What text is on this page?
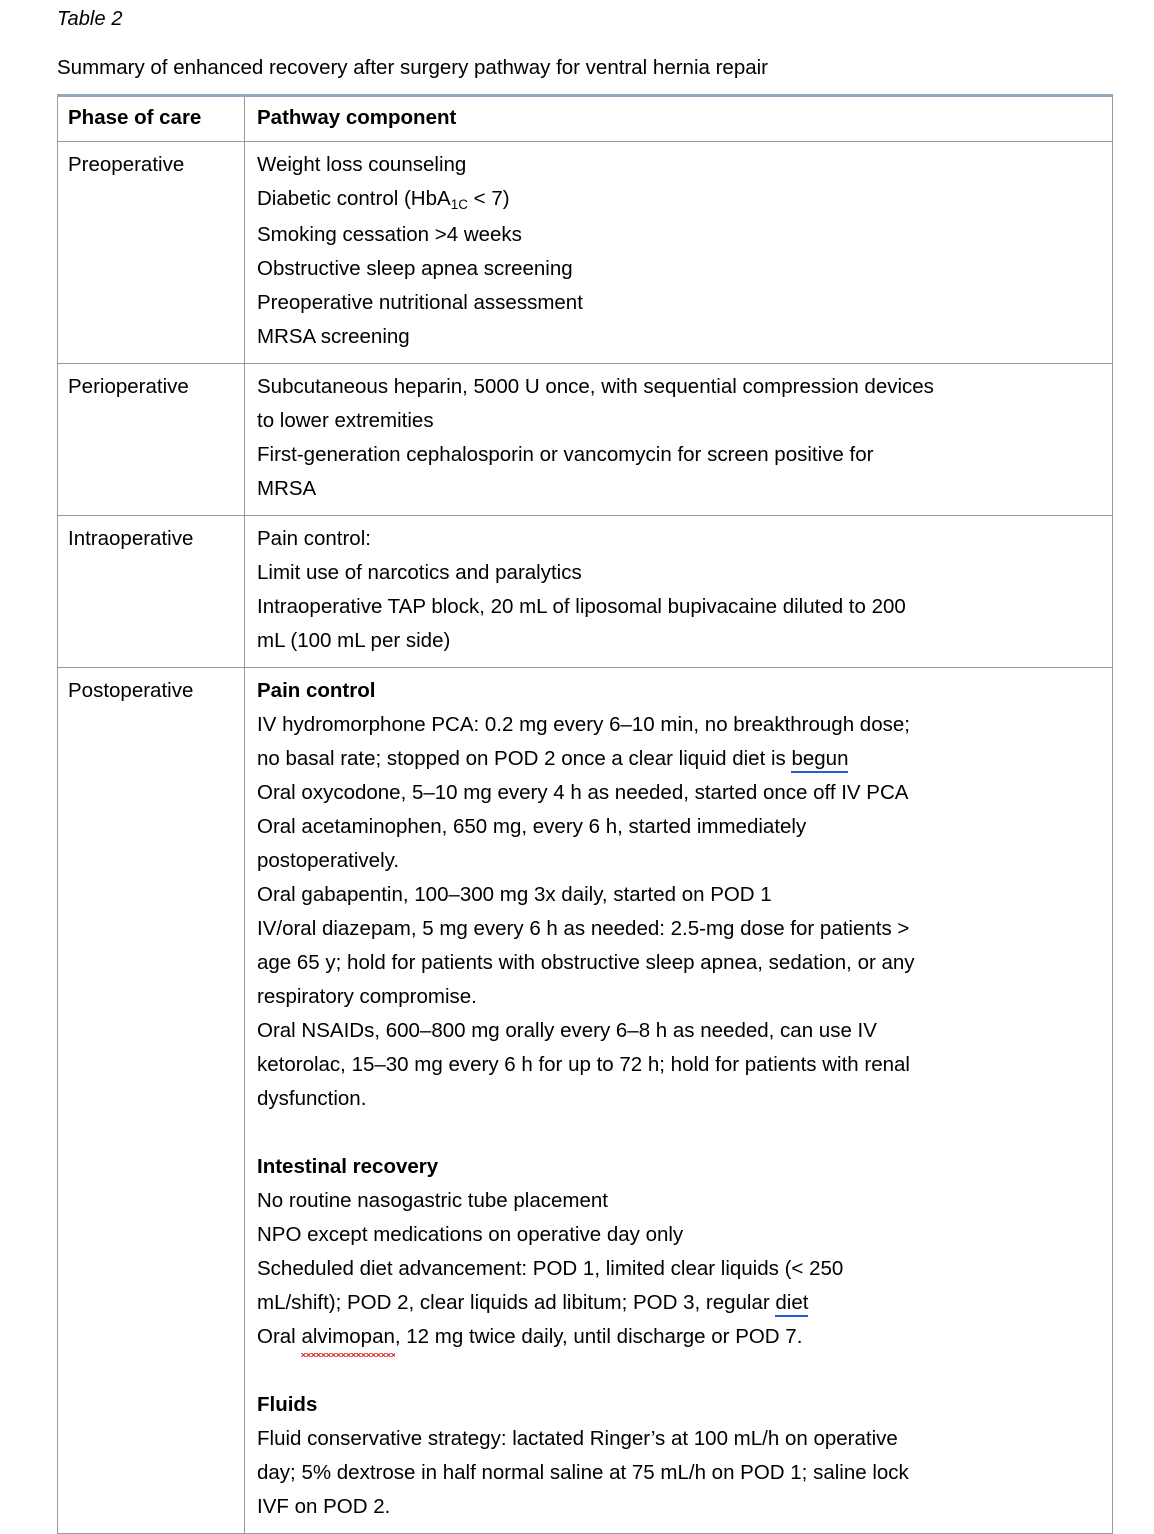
Table 2
Summary of enhanced recovery after surgery pathway for ventral hernia repair
Phase of care	Pathway component
Preoperative	Weight loss counseling
Diabetic control (HbA1C < 7)
Smoking cessation >4 weeks
Obstructive sleep apnea screening
Preoperative nutritional assessment
MRSA screening

Perioperative	Subcutaneous heparin, 5000 U once, with sequential compression devices
to lower extremities
First-generation cephalosporin or vancomycin for screen positive for
MRSA

Intraoperative	Pain control:
Limit use of narcotics and paralytics
Intraoperative TAP block, 20 mL of liposomal bupivacaine diluted to 200
mL (100 mL per side)

Postoperative	Pain control
IV hydromorphone PCA: 0.2 mg every 6–10 min, no breakthrough dose;
no basal rate; stopped on POD 2 once a clear liquid diet is begun
Oral oxycodone, 5–10 mg every 4 h as needed, started once off IV PCA
Oral acetaminophen, 650 mg, every 6 h, started immediately
postoperatively.
Oral gabapentin, 100–300 mg 3x daily, started on POD 1
IV/oral diazepam, 5 mg every 6 h as needed: 2.5-mg dose for patients >
age 65 y; hold for patients with obstructive sleep apnea, sedation, or any
respiratory compromise.
Oral NSAIDs, 600–800 mg orally every 6–8 h as needed, can use IV
ketorolac, 15–30 mg every 6 h for up to 72 h; hold for patients with renal
dysfunction.
Intestinal recovery
No routine nasogastric tube placement
NPO except medications on operative day only
Scheduled diet advancement: POD 1, limited clear liquids (< 250
mL/shift); POD 2, clear liquids ad libitum; POD 3, regular diet
Oral alvimopan, 12 mg twice daily, until discharge or POD 7.
Fluids
Fluid conservative strategy: lactated Ringer’s at 100 mL/h on operative
day; 5% dextrose in half normal saline at 75 mL/h on POD 1; saline lock
IVF on POD 2.
